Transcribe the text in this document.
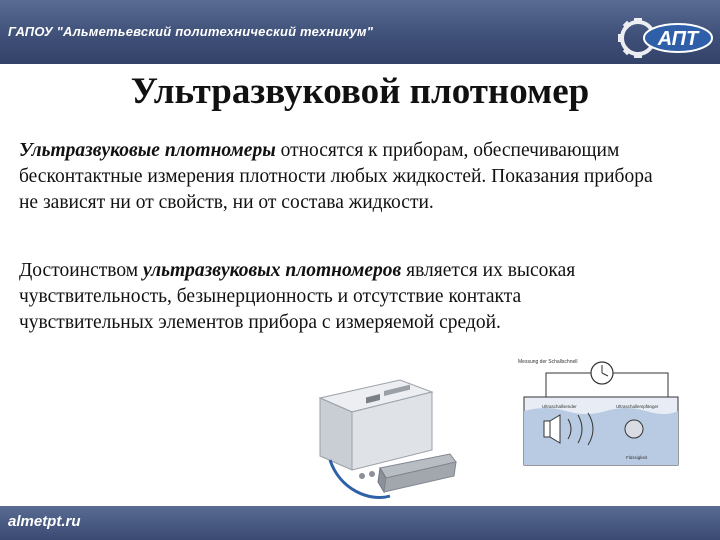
ГАПОУ "Альметьевский политехнический техникум"	АПТ
Ультразвуковой плотномер

Ультразвуковые плотномеры относятся к приборам, обеспечивающим бесконтактные измерения плотности любых жидкостей. Показания прибора не зависят ни от свойств, ни от состава жидкости.

Достоинством ультразвуковых плотномеров является их высокая чувствительность, безынерционность и отсутствие контакта чувствительных элементов прибора с измеряемой средой.

Messung der Schallschnell
Ultraschallsender	Ultraschallempfänger
Flüssigkeit
almetpt.ru
